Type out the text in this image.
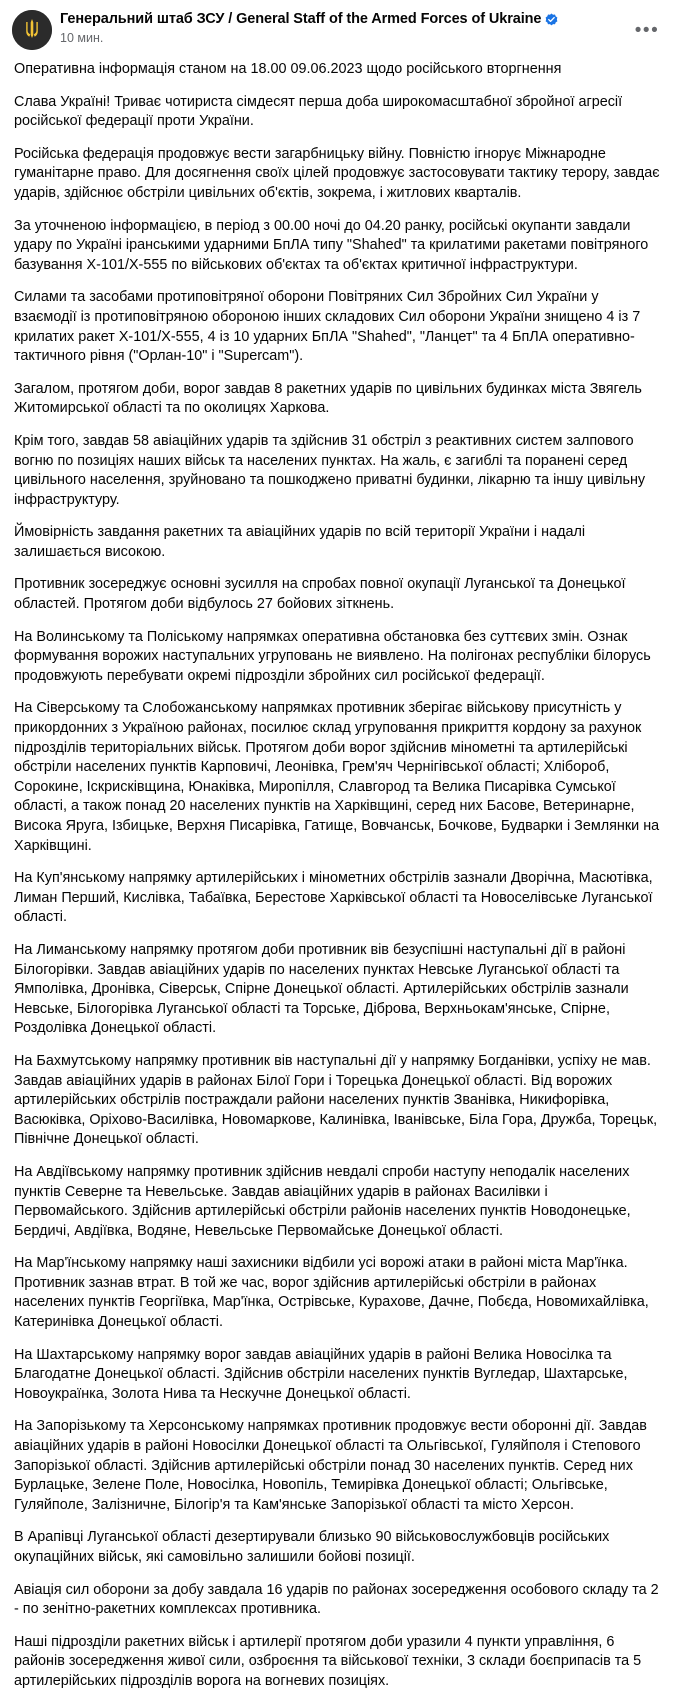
Генеральний штаб ЗСУ / General Staff of the Armed Forces of Ukraine
10 мин.	•••

Оперативна інформація станом на 18.00 09.06.2023 щодо російського вторгнення

Слава Україні! Триває чотириста сімдесят перша доба широкомасштабної збройної агресії російської федерації проти України.

Російська федерація продовжує вести загарбницьку війну. Повністю ігнорує Міжнародне гуманітарне право. Для досягнення своїх цілей продовжує застосовувати тактику терору, завдає ударів, здійснює обстріли цивільних об'єктів, зокрема, і житлових кварталів.

За уточненою інформацією, в період з 00.00 ночі до 04.20 ранку, російські окупанти завдали удару по Україні іранськими ударними БпЛА типу "Shahed" та крилатими ракетами повітряного базування Х-101/Х-555 по військових об'єктах та об'єктах критичної інфраструктури.

Силами та засобами протиповітряної оборони Повітряних Сил Збройних Сил України у взаємодії із протиповітряною обороною інших складових Сил оборони України знищено 4 із 7 крилатих ракет Х-101/Х-555, 4 із 10 ударних БпЛА "Shahed", "Ланцет" та 4 БпЛА оперативно-тактичного рівня ("Орлан-10" і "Supercam").

Загалом, протягом доби, ворог завдав 8 ракетних ударів по цивільних будинках міста Звягель Житомирської області та по околицях Харкова.

Крім того, завдав 58 авіаційних ударів та здійснив 31 обстріл з реактивних систем залпового вогню по позиціях наших військ та населених пунктах. На жаль, є загиблі та поранені серед цивільного населення, зруйновано та пошкоджено приватні будинки, лікарню та іншу цивільну інфраструктуру.

Ймовірність завдання ракетних та авіаційних ударів по всій території України і надалі залишається високою.

Противник зосереджує основні зусилля на спробах повної окупації Луганської та Донецької областей. Протягом доби відбулось 27 бойових зіткнень.

На Волинському та Поліському напрямках оперативна обстановка без суттєвих змін. Ознак формування ворожих наступальних угруповань не виявлено. На полігонах республіки білорусь продовжують перебувати окремі підрозділи збройних сил російської федерації.

На Сіверському та Слобожанському напрямках противник зберігає військову присутність у прикордонних з Україною районах, посилює склад угруповання прикриття кордону за рахунок підрозділів територіальних військ. Протягом доби ворог здійснив мінометні та артилерійські обстріли населених пунктів Карповичі, Леонівка, Грем'яч Чернігівської області; Хлібороб, Сорокине, Іскрисківщина, Юнаківка, Миропілля, Славгород та Велика Писарівка Сумської області, а також понад 20 населених пунктів на Харківщині, серед них Басове, Ветеринарне, Висока Яруга, Ізбицьке, Верхня Писарівка, Гатище, Вовчанськ, Бочкове, Будварки і Землянки на Харківщині.

На Куп'янському напрямку артилерійських і мінометних обстрілів зазнали Дворічна, Масютівка, Лиман Перший, Кислівка, Табаївка, Берестове Харківської області та Новоселівське Луганської області.

На Лиманському напрямку протягом доби противник вів безуспішні наступальні дії в районі Білогорівки. Завдав авіаційних ударів по населених пунктах Невське Луганської області та Ямполівка, Дронівка, Сіверськ, Спірне Донецької області. Артилерійських обстрілів зазнали Невське, Білогорівка Луганської області та Торське, Діброва, Верхньокам'янське, Спірне, Роздолівка Донецької області.

На Бахмутському напрямку противник вів наступальні дії у напрямку Богданівки, успіху не мав. Завдав авіаційних ударів в районах Білої Гори і Торецька Донецької області. Від ворожих артилерійських обстрілів постраждали райони населених пунктів Званівка, Никифорівка, Васюківка, Оріхово-Василівка, Новомаркове, Калинівка, Іванівське, Біла Гора, Дружба, Торецьк, Північне Донецької області.

На Авдіївському напрямку противник здійснив невдалі спроби наступу неподалік населених пунктів Северне та Невельське. Завдав авіаційних ударів в районах Василівки і Первомайського. Здійснив артилерійські обстріли районів населених пунктів Новодонецьке, Бердичі, Авдіївка, Водяне, Невельське Первомайське Донецької області.

На Мар'їнському напрямку наші захисники відбили усі ворожі атаки в районі міста Мар'їнка. Противник зазнав втрат. В той же час, ворог здійснив артилерійські обстріли в районах населених пунктів Георгіївка, Мар'їнка, Острівське, Курахове, Дачне, Побєда, Новомихайлівка, Катеринівка Донецької області.

На Шахтарському напрямку ворог завдав авіаційних ударів в районі Велика Новосілка та Благодатне Донецької області. Здійснив обстріли населених пунктів Вугледар, Шахтарське, Новоукраїнка, Золота Нива та Нескучне Донецької області.

На Запорізькому та Херсонському напрямках противник продовжує вести оборонні дії. Завдав авіаційних ударів в районі Новосілки Донецької області та Ольгівської, Гуляйполя і Степового Запорізької області. Здійснив артилерійські обстріли понад 30 населених пунктів. Серед них Бурлацьке, Зелене Поле, Новосілка, Новопіль, Темирівка Донецької області; Ольгівське, Гуляйполе, Залізничне, Білогір'я та Кам'янське Запорізької області та місто Херсон.

В Арапівці Луганської області дезертирували близько 90 військовослужбовців російських окупаційних військ, які самовільно залишили бойові позиції.

Авіація сил оборони за добу завдала 16 ударів по районах зосередження особового складу та 2 - по зенітно-ракетних комплексах противника.

Наші підрозділи ракетних військ і артилерії протягом доби уразили 4 пункти управління, 6 районів зосередження живої сили, озброєння та військової техніки, 3 склади боєприпасів та 5 артилерійських підрозділів ворога на вогневих позиціях.
